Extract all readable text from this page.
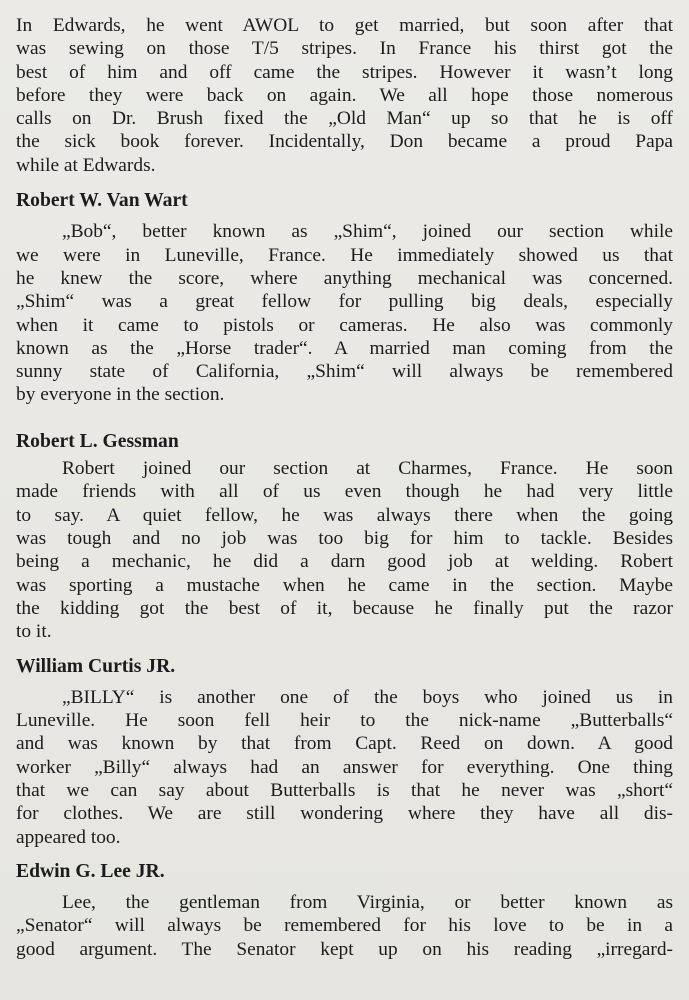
In Edwards, he went AWOL to get married, but soon after that
was sewing on those T/5 stripes. In France his thirst got the
best of him and off came the stripes. However it wasn’t long
before they were back on again. We all hope those nomerous
calls on Dr. Brush fixed the „Old Man“ up so that he is off
the sick book forever. Incidentally, Don became a proud Papa
while at Edwards.

Robert W. Van Wart

„Bob“, better known as „Shim“, joined our section while
we were in Luneville, France. He immediately showed us that
he knew the score, where anything mechanical was concerned.
„Shim“ was a great fellow for pulling big deals, especially
when it came to pistols or cameras. He also was commonly
known as the „Horse trader“. A married man coming from the
sunny state of California, „Shim“ will always be remembered
by everyone in the section.

Robert L. Gessman

Robert joined our section at Charmes, France. He soon
made friends with all of us even though he had very little
to say. A quiet fellow, he was always there when the going
was tough and no job was too big for him to tackle. Besides
being a mechanic, he did a darn good job at welding. Robert
was sporting a mustache when he came in the section. Maybe
the kidding got the best of it, because he finally put the razor
to it.

William Curtis JR.

„BILLY“ is another one of the boys who joined us in
Luneville. He soon fell heir to the nick-name „Butterballs“
and was known by that from Capt. Reed on down. A good
worker „Billy“ always had an answer for everything. One thing
that we can say about Butterballs is that he never was „short“
for clothes. We are still wondering where they have all dis-
appeared too.

Edwin G. Lee JR.

Lee, the gentleman from Virginia, or better known as
„Senator“ will always be remembered for his love to be in a
good argument. The Senator kept up on his reading „irregard-
